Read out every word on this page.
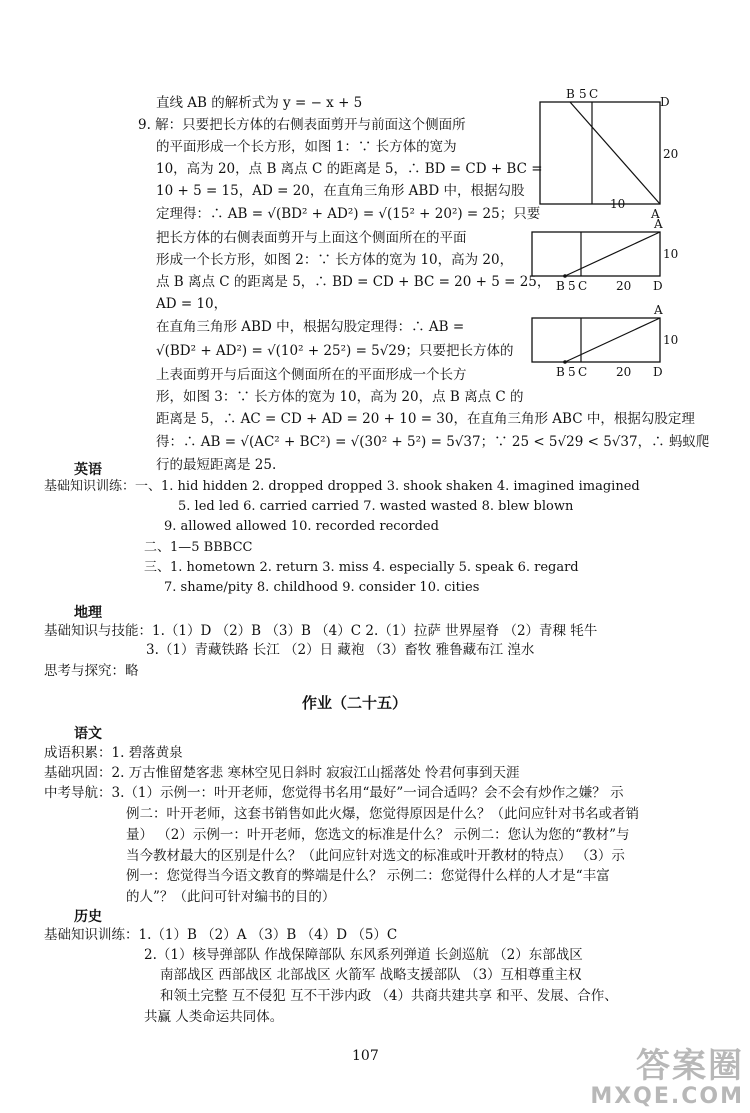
直线 AB 的解析式为 y = − x + 5
9. 解：只要把长方体的右侧表面剪开与前面这个侧面所
的平面形成一个长方形，如图 1：∵ 长方体的宽为
10，高为 20，点 B 离点 C 的距离是 5，∴ BD = CD + BC =
10 + 5 = 15，AD = 20，在直角三角形 ABD 中，根据勾股
定理得：∴ AB = √(BD² + AD²) = √(15² + 20²) = 25；只要
把长方体的右侧表面剪开与上面这个侧面所在的平面
形成一个长方形，如图 2：∵ 长方体的宽为 10，高为 20，
点 B 离点 C 的距离是 5，∴ BD = CD + BC = 20 + 5 = 25，
AD = 10，
在直角三角形 ABD 中，根据勾股定理得：∴ AB =
√(BD² + AD²) = √(10² + 25²) = 5√29；只要把长方体的
上表面剪开与后面这个侧面所在的平面形成一个长方
形，如图 3：∵ 长方体的宽为 10，高为 20，点 B 离点 C 的
距离是 5，∴ AC = CD + AD = 20 + 10 = 30，在直角三角形 ABC 中，根据勾股定理
得：∴ AB = √(AC² + BC²) = √(30² + 5²) = 5√37；∵ 25 < 5√29 < 5√37，∴ 蚂蚁爬
行的最短距离是 25.
B 5 C
D
20
10
A
A
10
B 5 C 20 D
A
10
B 5 C 20 D
英语
基础知识训练：一、1. hid hidden 2. dropped dropped 3. shook shaken 4. imagined imagined
5. led led 6. carried carried 7. wasted wasted 8. blew blown
9. allowed allowed 10. recorded recorded
二、1—5 BBBCC
三、1. hometown 2. return 3. miss 4. especially 5. speak 6. regard
7. shame/pity 8. childhood 9. consider 10. cities
地理
基础知识与技能：1.（1）D （2）B （3）B （4）C 2.（1）拉萨 世界屋脊 （2）青稞 牦牛
3.（1）青藏铁路 长江 （2）日 藏袍 （3）畜牧 雅鲁藏布江 湟水
思考与探究：略
作业（二十五）
语文
成语积累：1. 碧落黄泉
基础巩固：2. 万古惟留楚客悲 寒林空见日斜时 寂寂江山摇落处 怜君何事到天涯
中考导航：3.（1）示例一：叶开老师，您觉得书名用“最好”一词合适吗？会不会有炒作之嫌？ 示
例二：叶开老师，这套书销售如此火爆，您觉得原因是什么？（此问应针对书名或者销
量） （2）示例一：叶开老师，您选文的标准是什么？ 示例二：您认为您的“教材”与
当今教材最大的区别是什么？（此问应针对选文的标准或叶开教材的特点） （3）示
例一：您觉得当今语文教育的弊端是什么？ 示例二：您觉得什么样的人才是“丰富
的人”？（此问可针对编书的目的）
历史
基础知识训练：1.（1）B （2）A （3）B （4）D （5）C
2.（1）核导弹部队 作战保障部队 东风系列弹道 长剑巡航 （2）东部战区
南部战区 西部战区 北部战区 火箭军 战略支援部队 （3）互相尊重主权
和领土完整 互不侵犯 互不干涉内政 （4）共商共建共享 和平、发展、合作、
共赢 人类命运共同体。
107	答案圈
MXQE.COM
